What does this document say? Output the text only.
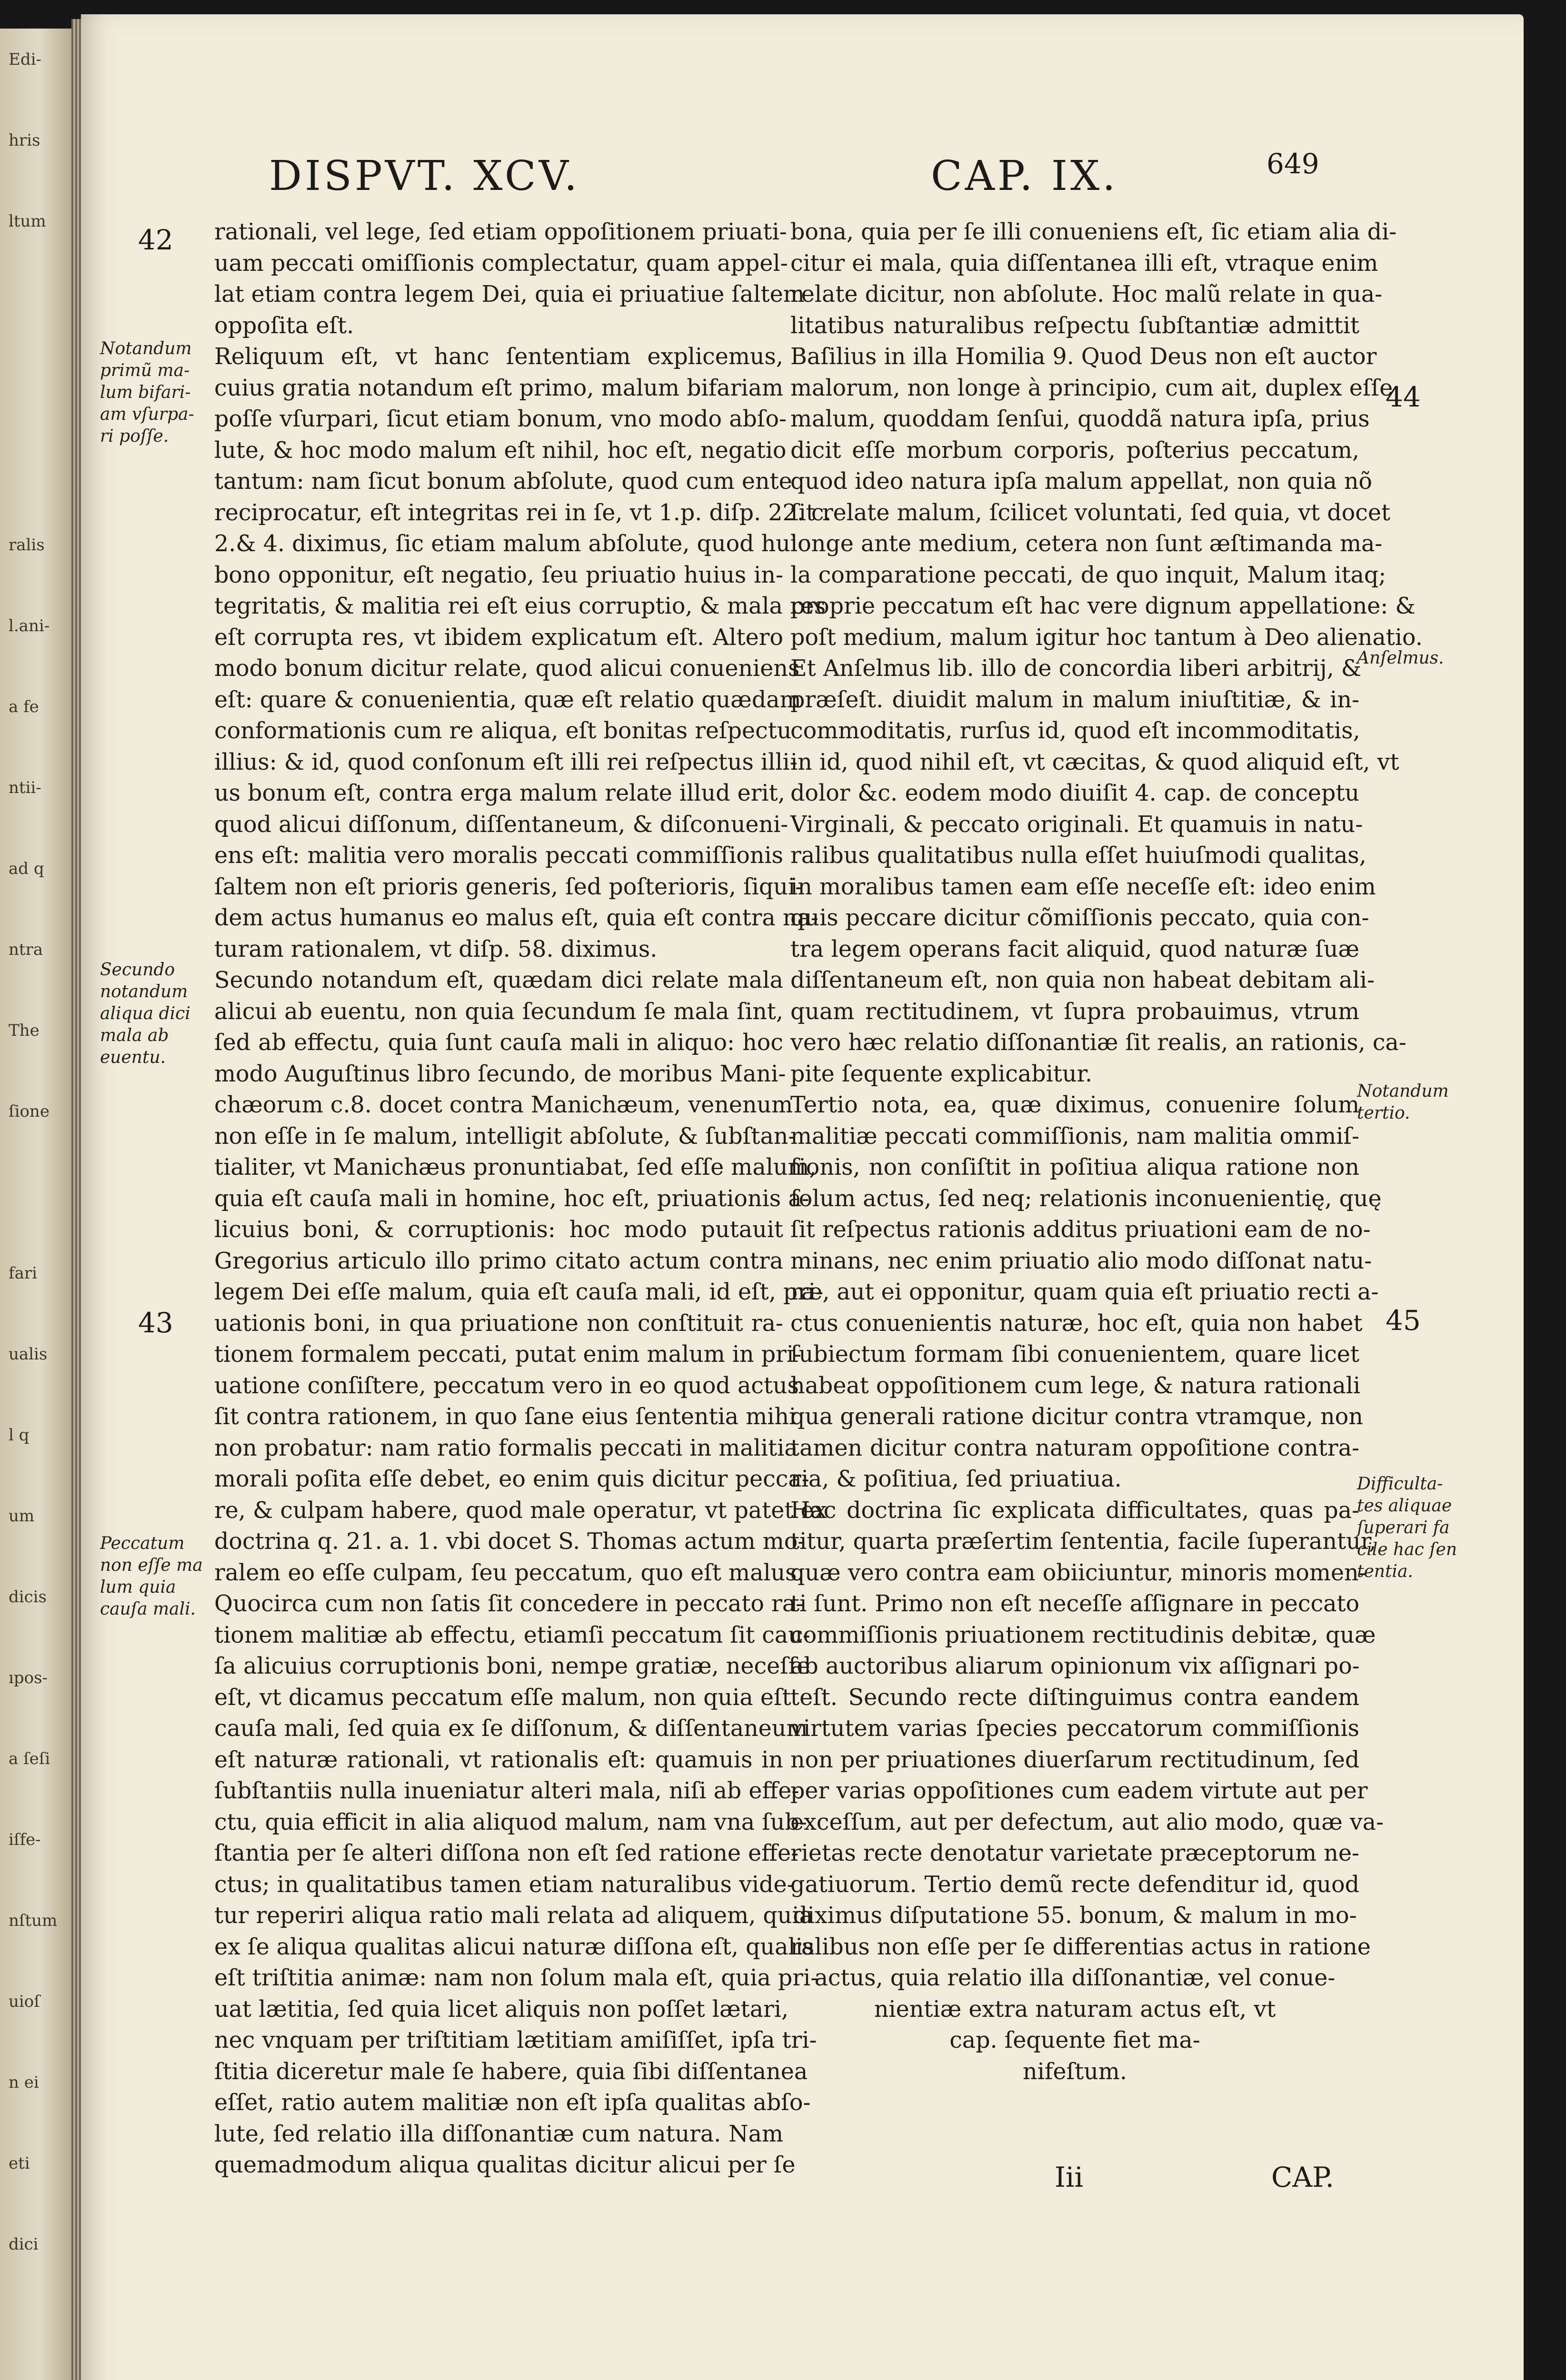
Edi-
hris
ltum
ralis
l.ani-
a fe
ntii-
ad q
ntra
The
ſione
fari
ualis
l q
um
dicis
ıpos-
a ſeſi
iſfe-
nſtum
uioſ
n ei
eti
dici
DISPVT. XCV.	CAP. IX.	649

rationali, vel lege, ſed etiam oppoſitionem priuati-

uam peccati omiſſionis complectatur, quam appel-

lat etiam contra legem Dei, quia ei priuatiue ſaltem

oppoſita eſt.

Reliquum eſt, vt hanc ſententiam explicemus,

cuius gratia notandum eſt primo, malum bifariam

poſſe vſurpari, ſicut etiam bonum, vno modo abſo-

lute, & hoc modo malum eſt nihil, hoc eſt, negatio

tantum: nam ſicut bonum abſolute, quod cum ente

reciprocatur, eſt integritas rei in ſe, vt 1.p. diſp. 22. c.

2.& 4. diximus, ſic etiam malum abſolute, quod huic

bono opponitur, eſt negatio, ſeu priuatio huius in-

tegritatis, & malitia rei eſt eius corruptio, & mala res

eſt corrupta res, vt ibidem explicatum eſt. Altero

modo bonum dicitur relate, quod alicui conueniens

eſt: quare & conuenientia, quæ eſt relatio quædam

conformationis cum re aliqua, eſt bonitas reſpectu

illius: & id, quod conſonum eſt illi rei reſpectus illi-

us bonum eſt, contra erga malum relate illud erit,

quod alicui diſſonum, diſſentaneum, & diſconueni-

ens eſt: malitia vero moralis peccati commiſſionis

ſaltem non eſt prioris generis, ſed poſterioris, ſiqui-

dem actus humanus eo malus eſt, quia eſt contra na-

turam rationalem, vt diſp. 58. diximus.

Secundo notandum eſt, quædam dici relate mala

alicui ab euentu, non quia ſecundum ſe mala ſint,

ſed ab effectu, quia ſunt cauſa mali in aliquo: hoc

modo Auguſtinus libro ſecundo, de moribus Mani-

chæorum c.8. docet contra Manichæum, venenum

non eſſe in ſe malum, intelligit abſolute, & ſubſtan-

tialiter, vt Manichæus pronuntiabat, ſed eſſe malum,

quia eſt cauſa mali in homine, hoc eſt, priuationis a-

licuius boni, & corruptionis: hoc modo putauit

Gregorius articulo illo primo citato actum contra

legem Dei eſſe malum, quia eſt cauſa mali, id eſt, pri-

uationis boni, in qua priuatione non conſtituit ra-

tionem formalem peccati, putat enim malum in pri-

uatione conſiſtere, peccatum vero in eo quod actus

ſit contra rationem, in quo ſane eius ſententia mihi

non probatur: nam ratio formalis peccati in malitia

morali poſita eſſe debet, eo enim quis dicitur pecca-

re, & culpam habere, quod male operatur, vt patet ex

doctrina q. 21. a. 1. vbi docet S. Thomas actum mo-

ralem eo eſſe culpam, ſeu peccatum, quo eſt malus.

Quocirca cum non ſatis ſit concedere in peccato ra-

tionem malitiæ ab effectu, etiamſi peccatum ſit cau-

ſa alicuius corruptionis boni, nempe gratiæ, neceſſe

eſt, vt dicamus peccatum eſſe malum, non quia eſt

cauſa mali, ſed quia ex ſe diſſonum, & diſſentaneum

eſt naturæ rationali, vt rationalis eſt: quamuis in

ſubſtantiis nulla inueniatur alteri mala, niſi ab effe-

ctu, quia efficit in alia aliquod malum, nam vna ſub-

ſtantia per ſe alteri diſſona non eſt ſed ratione effe-

ctus; in qualitatibus tamen etiam naturalibus vide-

tur reperiri aliqua ratio mali relata ad aliquem, quia

ex ſe aliqua qualitas alicui naturæ diſſona eſt, qualis

eſt triſtitia animæ: nam non ſolum mala eſt, quia pri-

uat lætitia, ſed quia licet aliquis non poſſet lætari,

nec vnquam per triſtitiam lætitiam amiſiſſet, ipſa tri-

ſtitia diceretur male ſe habere, quia ſibi diſſentanea

eſſet, ratio autem malitiæ non eſt ipſa qualitas abſo-

lute, ſed relatio illa diſſonantiæ cum natura. Nam

quemadmodum aliqua qualitas dicitur alicui per ſe

bona, quia per ſe illi conueniens eſt, ſic etiam alia di-

citur ei mala, quia diſſentanea illi eſt, vtraque enim

relate dicitur, non abſolute. Hoc malũ relate in qua-

litatibus naturalibus reſpectu ſubſtantiæ admittit

Baſilius in illa Homilia 9. Quod Deus non eſt auctor

malorum, non longe à principio, cum ait, duplex eſſe

malum, quoddam ſenſui, quoddã natura ipſa, prius

dicit eſſe morbum corporis, poſterius peccatum,

quod ideo natura ipſa malum appellat, non quia nõ

ſit relate malum, ſcilicet voluntati, ſed quia, vt docet

longe ante medium, cetera non ſunt æſtimanda ma-

la comparatione peccati, de quo inquit, Malum itaq;

proprie peccatum eſt hac vere dignum appellatione: &

poſt medium, malum igitur hoc tantum à Deo alienatio.

Et Anſelmus lib. illo de concordia liberi arbitrij, &

præſeſt. diuidit malum in malum iniuſtitiæ, & in-

commoditatis, rurſus id, quod eſt incommoditatis,

in id, quod nihil eſt, vt cæcitas, & quod aliquid eſt, vt

dolor &c. eodem modo diuiſit 4. cap. de conceptu

Virginali, & peccato originali. Et quamuis in natu-

ralibus qualitatibus nulla eſſet huiuſmodi qualitas,

in moralibus tamen eam eſſe neceſſe eſt: ideo enim

quis peccare dicitur cõmiſſionis peccato, quia con-

tra legem operans facit aliquid, quod naturæ ſuæ

diſſentaneum eſt, non quia non habeat debitam ali-

quam rectitudinem, vt ſupra probauimus, vtrum

vero hæc relatio diſſonantiæ ſit realis, an rationis, ca-

pite ſequente explicabitur.

Tertio nota, ea, quæ diximus, conuenire ſolum

malitiæ peccati commiſſionis, nam malitia ommiſ-

ſionis, non conſiſtit in poſitiua aliqua ratione non

ſolum actus, ſed neq; relationis inconuenientię, quę

ſit reſpectus rationis additus priuationi eam de no-

minans, nec enim priuatio alio modo diſſonat natu-

ræ, aut ei opponitur, quam quia eſt priuatio recti a-

ctus conuenientis naturæ, hoc eſt, quia non habet

ſubiectum formam ſibi conuenientem, quare licet

habeat oppoſitionem cum lege, & natura rationali

qua generali ratione dicitur contra vtramque, non

tamen dicitur contra naturam oppoſitione contra-

ria, & poſitiua, ſed priuatiua.

Hac doctrina ſic explicata difficultates, quas pa-

titur, quarta præſertim ſententia, facile ſuperantur,

quæ vero contra eam obiiciuntur, minoris momen-

ti ſunt. Primo non eſt neceſſe aſſignare in peccato

commiſſionis priuationem rectitudinis debitæ, quæ

ab auctoribus aliarum opinionum vix aſſignari po-

teſt. Secundo recte diſtinguimus contra eandem

virtutem varias ſpecies peccatorum commiſſionis

non per priuationes diuerſarum rectitudinum, ſed

per varias oppoſitiones cum eadem virtute aut per

exceſſum, aut per defectum, aut alio modo, quæ va-

rietas recte denotatur varietate præceptorum ne-

gatiuorum. Tertio demũ recte defenditur id, quod

diximus diſputatione 55. bonum, & malum in mo-

ralibus non eſſe per ſe differentias actus in ratione

actus, quia relatio illa diſſonantiæ, vel conue-

nientiæ extra naturam actus eſt, vt

cap. ſequente fiet ma-

nifeſtum.

42
Notandum
primũ ma-
lum bifari-
am vſurpa-
ri poſſe.
Secundo
notandum
aliqua dici
mala ab
euentu.
43
Peccatum
non eſſe ma
lum quia
cauſa mali.
44
Anſelmus.
Notandum
tertio.
45
Difficulta-
tes aliquae
ſuperari fa
cile hac ſen
tentia.
Iii	CAP.
